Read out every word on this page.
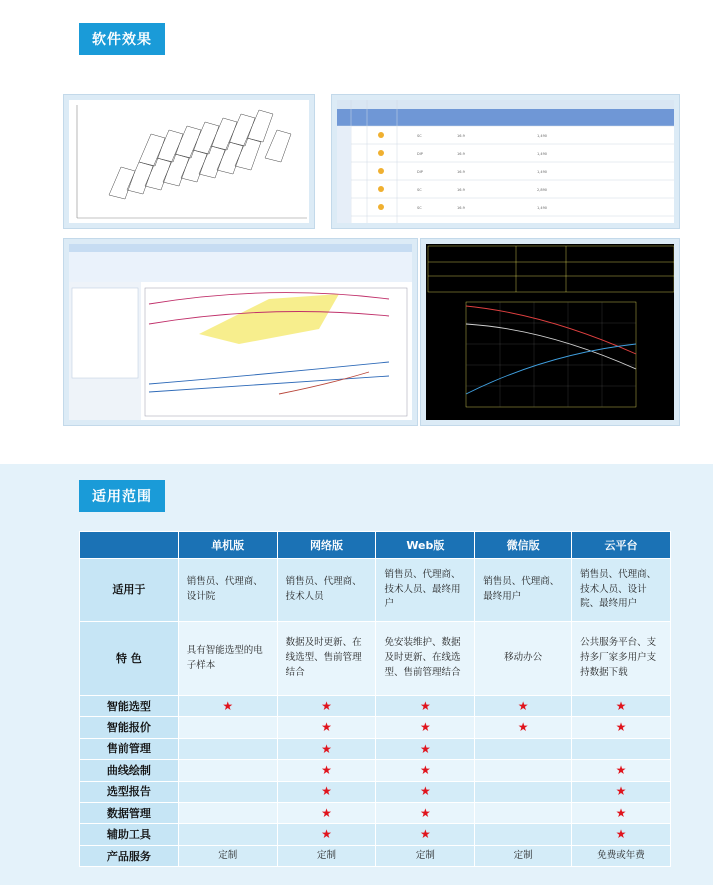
软件效果
SC
DIP
DIP
SC
SC
16.9
16.9
16.9
16.9
16.9
1,490
1,490
1,490
2,890
1,490
适用范围
	单机版	网络版	Web版	微信版	云平台
适用于	销售员、代理商、设计院	销售员、代理商、技术人员	销售员、代理商、技术人员、最终用户	销售员、代理商、最终用户	销售员、代理商、技术人员、设计院、最终用户
特 色	具有智能选型的电子样本	数据及时更新、在线选型、售前管理结合	免安装维护、数据及时更新、在线选型、售前管理结合	移动办公	公共服务平台、支持多厂家多用户支持数据下载
智能选型	★	★	★	★	★
智能报价		★	★	★	★
售前管理		★	★		
曲线绘制		★	★		★
选型报告		★	★		★
数据管理		★	★		★
辅助工具		★	★		★
产品服务	定制	定制	定制	定制	免费或年费
